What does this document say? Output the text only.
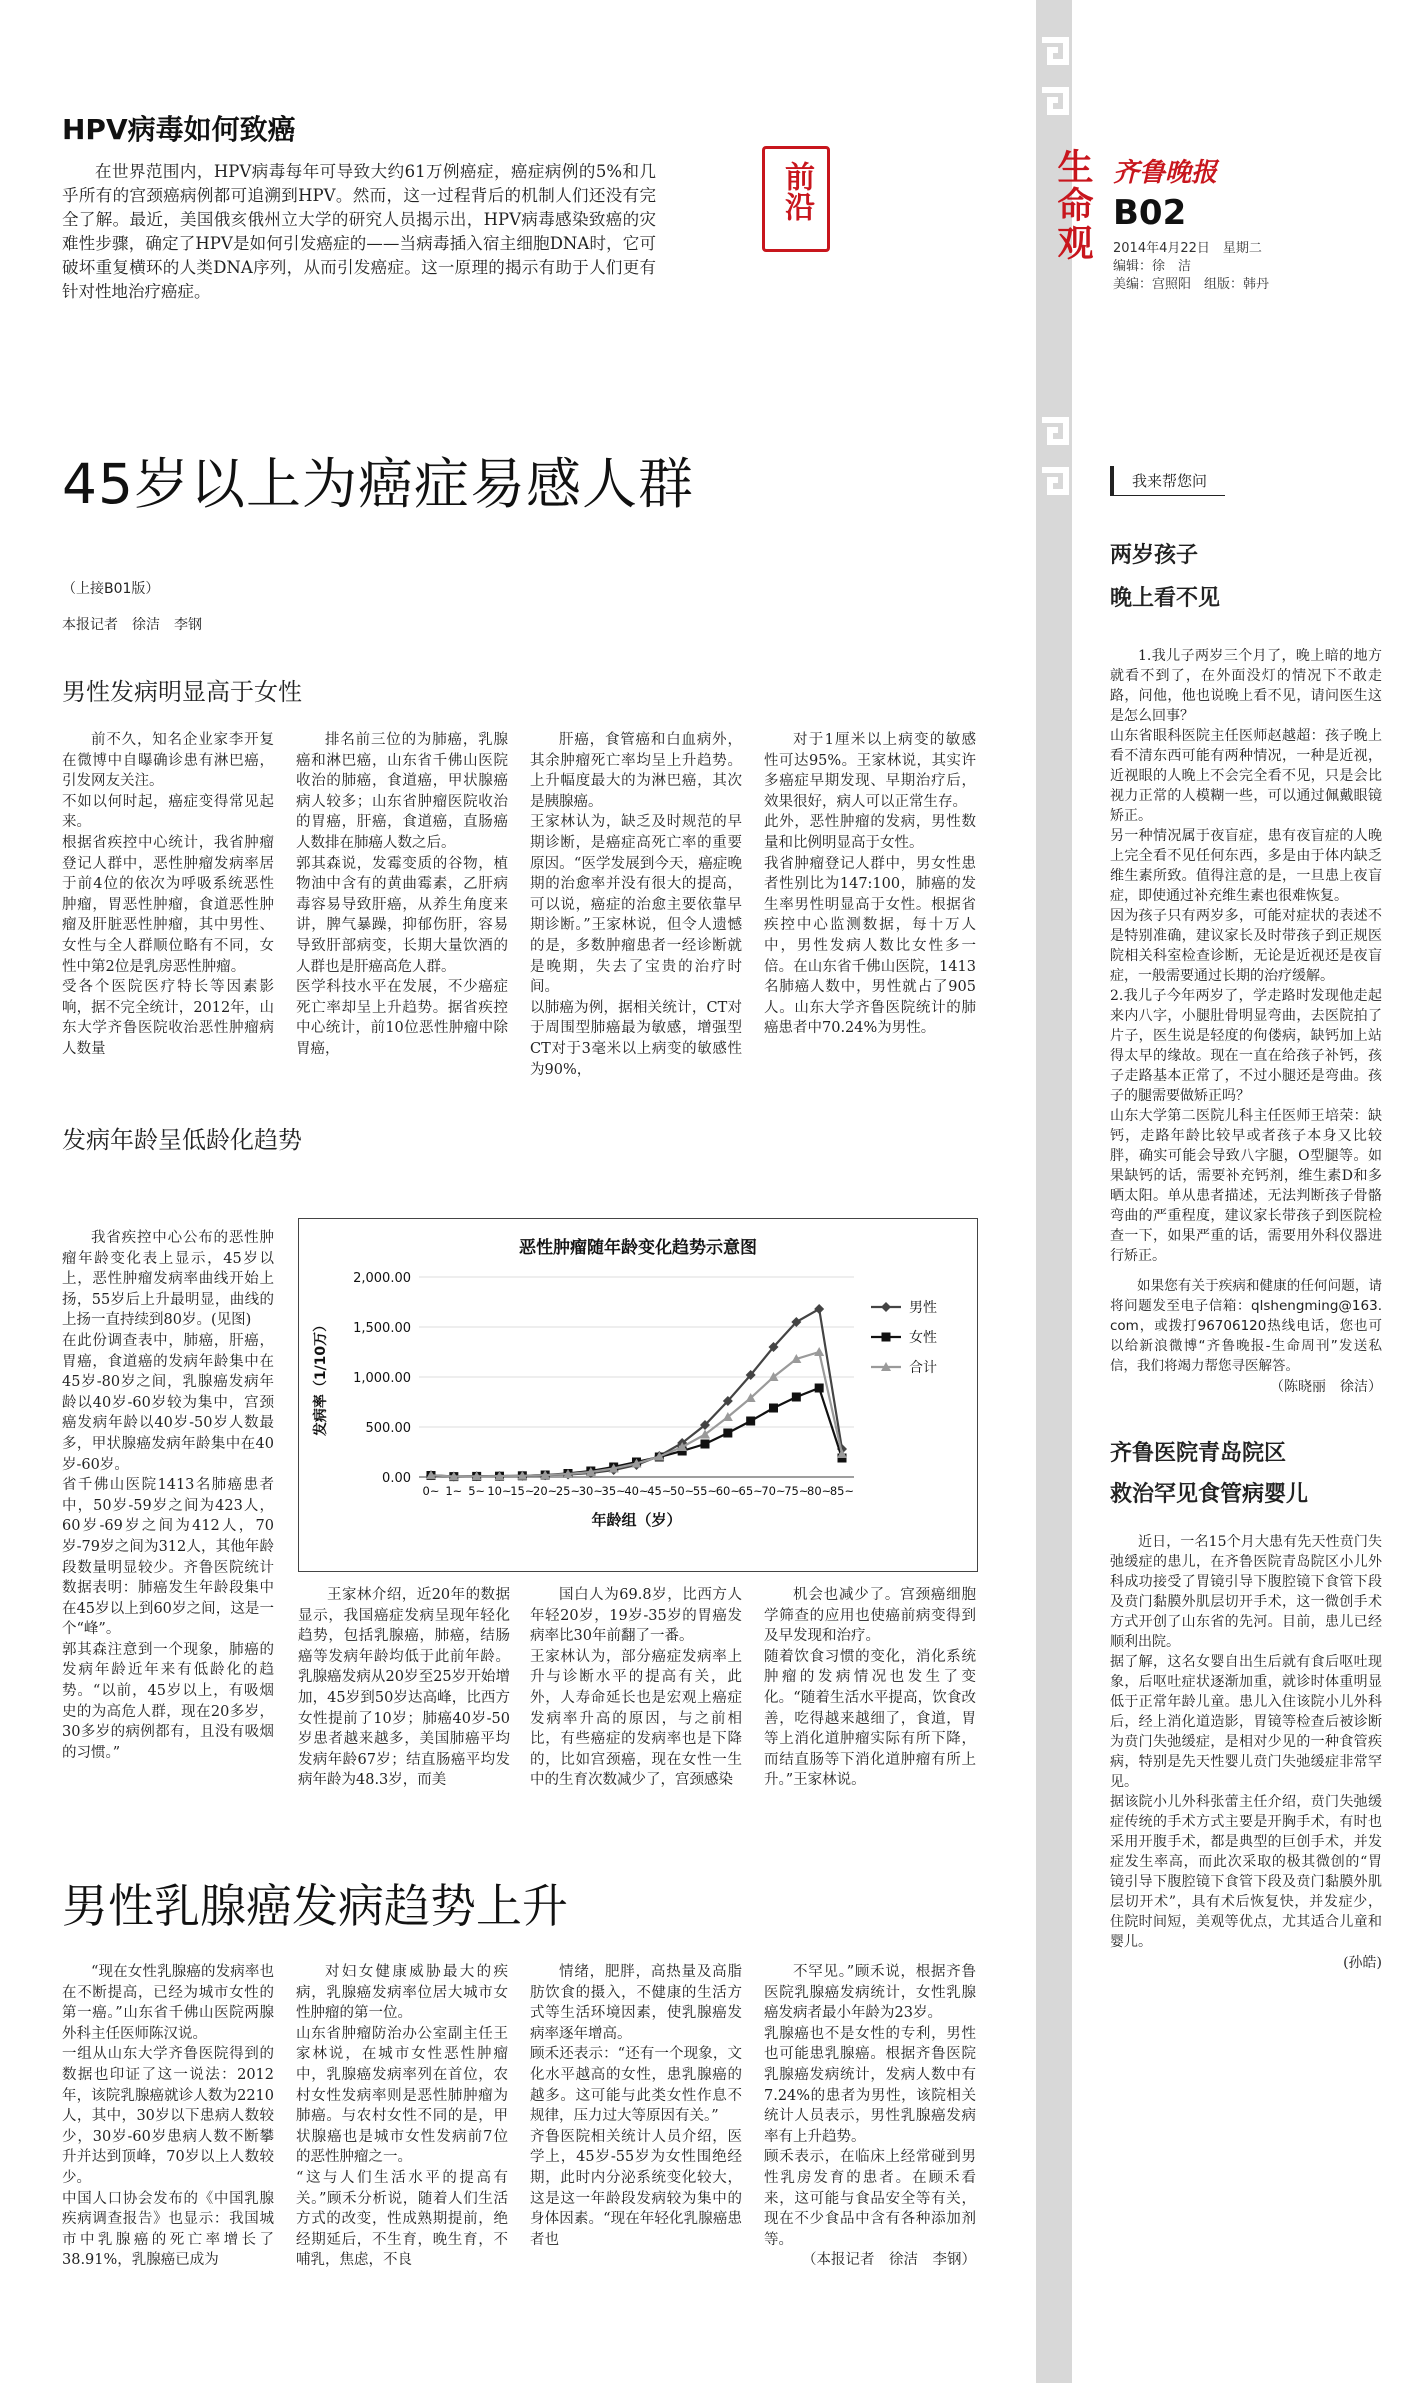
生命观 齐鲁晚报
B02
2014年4月22日　星期二
编辑：徐　洁
美编：宫照阳　组版：韩丹
HPV病毒如何致癌

在世界范围内，HPV病毒每年可导致大约61万例癌症，癌症病例的5%和几乎所有的宫颈癌病例都可追溯到HPV。然而，这一过程背后的机制人们还没有完全了解。最近，美国俄亥俄州立大学的研究人员揭示出，HPV病毒感染致癌的灾难性步骤，确定了HPV是如何引发癌症的——当病毒插入宿主细胞DNA时，它可破坏重复横环的人类DNA序列，从而引发癌症。这一原理的揭示有助于人们更有针对性地治疗癌症。

前沿
45岁以上为癌症易感人群
（上接B01版）
本报记者　徐洁　李钢
男性发病明显高于女性

前不久，知名企业家李开复在微博中自曝确诊患有淋巴癌，引发网友关注。
不如以何时起，癌症变得常见起来。
根据省疾控中心统计，我省肿瘤登记人群中，恶性肿瘤发病率居于前4位的依次为呼吸系统恶性肿瘤，胃恶性肿瘤，食道恶性肿瘤及肝脏恶性肿瘤，其中男性、女性与全人群顺位略有不同，女性中第2位是乳房恶性肿瘤。
受各个医院医疗特长等因素影响，据不完全统计，2012年，山东大学齐鲁医院收治恶性肿瘤病人数量

排名前三位的为肺癌，乳腺癌和淋巴癌，山东省千佛山医院收治的肺癌，食道癌，甲状腺癌病人较多；山东省肿瘤医院收治的胃癌，肝癌，食道癌，直肠癌人数排在肺癌人数之后。
郭其森说，发霉变质的谷物，植物油中含有的黄曲霉素，乙肝病毒容易导致肝癌，从养生角度来讲，脾气暴躁，抑郁伤肝，容易导致肝部病变，长期大量饮酒的人群也是肝癌高危人群。
医学科技水平在发展，不少癌症死亡率却呈上升趋势。据省疾控中心统计，前10位恶性肿瘤中除胃癌，

肝癌，食管癌和白血病外，其余肿瘤死亡率均呈上升趋势。上升幅度最大的为淋巴癌，其次是胰腺癌。
王家林认为，缺乏及时规范的早期诊断，是癌症高死亡率的重要原因。“医学发展到今天，癌症晚期的治愈率并没有很大的提高，可以说，癌症的治愈主要依靠早期诊断。”王家林说，但令人遗憾的是，多数肿瘤患者一经诊断就是晚期，失去了宝贵的治疗时间。
以肺癌为例，据相关统计，CT对于周围型肺癌最为敏感，增强型CT对于3毫米以上病变的敏感性为90%，

对于1厘米以上病变的敏感性可达95%。王家林说，其实许多癌症早期发现、早期治疗后，效果很好，病人可以正常生存。
此外，恶性肿瘤的发病，男性数量和比例明显高于女性。
我省肿瘤登记人群中，男女性患者性别比为147:100，肺癌的发生率男性明显高于女性。根据省疾控中心监测数据，每十万人中，男性发病人数比女性多一倍。在山东省千佛山医院，1413名肺癌人数中，男性就占了905人。山东大学齐鲁医院统计的肺癌患者中70.24%为男性。

发病年龄呈低龄化趋势

我省疾控中心公布的恶性肿瘤年龄变化表上显示，45岁以上，恶性肿瘤发病率曲线开始上扬，55岁后上升最明显，曲线的上扬一直持续到80岁。(见图)
在此份调查表中，肺癌，肝癌，胃癌，食道癌的发病年龄集中在45岁-80岁之间，乳腺癌发病年龄以40岁-60岁较为集中，宫颈癌发病年龄以40岁-50岁人数最多，甲状腺癌发病年龄集中在40岁-60岁。
省千佛山医院1413名肺癌患者中，50岁-59岁之间为423人，60岁-69岁之间为412人，70岁-79岁之间为312人，其他年龄段数量明显较少。齐鲁医院统计数据表明：肺癌发生年龄段集中在45岁以上到60岁之间，这是一个“峰”。
郭其森注意到一个现象，肺癌的发病年龄近年来有低龄化的趋势。“以前，45岁以上，有吸烟史的为高危人群，现在20多岁，30多岁的病例都有，且没有吸烟的习惯。”

恶性肿瘤随年龄变化趋势示意图
0.00
500.00
1,000.00
1,500.00
2,000.00
0~ 1~ 5~ 10~
15~
20~
25~
30~
35~
40~
45~
50~
55~
60~
65~
70~
75~
80~
85~
年龄组（岁）
发病率（1/10万）
男性
女性
合计

王家林介绍，近20年的数据显示，我国癌症发病呈现年轻化趋势，包括乳腺癌，肺癌，结肠癌等发病年龄均低于此前年龄。乳腺癌发病从20岁至25岁开始增加，45岁到50岁达高峰，比西方女性提前了10岁；肺癌40岁-50岁患者越来越多，美国肺癌平均发病年龄67岁；结直肠癌平均发病年龄为48.3岁，而美

国白人为69.8岁，比西方人年轻20岁，19岁-35岁的胃癌发病率比30年前翻了一番。
王家林认为，部分癌症发病率上升与诊断水平的提高有关，此外，人寿命延长也是宏观上癌症发病率升高的原因，与之前相比，有些癌症的发病率也是下降的，比如宫颈癌，现在女性一生中的生育次数减少了，宫颈感染

机会也减少了。宫颈癌细胞学筛查的应用也使癌前病变得到及早发现和治疗。
随着饮食习惯的变化，消化系统肿瘤的发病情况也发生了变化。“随着生活水平提高，饮食改善，吃得越来越细了，食道，胃等上消化道肿瘤实际有所下降，而结直肠等下消化道肿瘤有所上升。”王家林说。

男性乳腺癌发病趋势上升

“现在女性乳腺癌的发病率也在不断提高，已经为城市女性的第一癌。”山东省千佛山医院两腺外科主任医师陈汉说。
一组从山东大学齐鲁医院得到的数据也印证了这一说法：2012年，该院乳腺癌就诊人数为2210人，其中，30岁以下患病人数较少，30岁-60岁患病人数不断攀升并达到顶峰，70岁以上人数较少。
中国人口协会发布的《中国乳腺疾病调查报告》也显示：我国城市中乳腺癌的死亡率增长了38.91%，乳腺癌已成为

对妇女健康威胁最大的疾病，乳腺癌发病率位居大城市女性肿瘤的第一位。
山东省肿瘤防治办公室副主任王家林说，在城市女性恶性肿瘤中，乳腺癌发病率列在首位，农村女性发病率则是恶性肺肿瘤为肺癌。与农村女性不同的是，甲状腺癌也是城市女性发病前7位的恶性肿瘤之一。
“这与人们生活水平的提高有关。”顾禾分析说，随着人们生活方式的改变，性成熟期提前，绝经期延后，不生育，晚生育，不哺乳，焦虑，不良

情绪，肥胖，高热量及高脂肪饮食的摄入，不健康的生活方式等生活环境因素，使乳腺癌发病率逐年增高。
顾禾还表示：“还有一个现象，文化水平越高的女性，患乳腺癌的越多。这可能与此类女性作息不规律，压力过大等原因有关。”
齐鲁医院相关统计人员介绍，医学上，45岁-55岁为女性围绝经期，此时内分泌系统变化较大，这是这一年龄段发病较为集中的身体因素。“现在年轻化乳腺癌患者也

不罕见。”顾禾说，根据齐鲁医院乳腺癌发病统计，女性乳腺癌发病者最小年龄为23岁。
乳腺癌也不是女性的专利，男性也可能患乳腺癌。根据齐鲁医院乳腺癌发病统计，发病人数中有7.24%的患者为男性，该院相关统计人员表示，男性乳腺癌发病率有上升趋势。
顾禾表示，在临床上经常碰到男性乳房发育的患者。在顾禾看来，这可能与食品安全等有关，现在不少食品中含有各种添加剂等。

（本报记者　徐洁　李钢）

我来帮您问
两岁孩子
晚上看不见

1.我儿子两岁三个月了，晚上暗的地方就看不到了，在外面没灯的情况下不敢走路，问他，他也说晚上看不见，请问医生这是怎么回事？
山东省眼科医院主任医师赵越超：孩子晚上看不清东西可能有两种情况，一种是近视，近视眼的人晚上不会完全看不见，只是会比视力正常的人模糊一些，可以通过佩戴眼镜矫正。
另一种情况属于夜盲症，患有夜盲症的人晚上完全看不见任何东西，多是由于体内缺乏维生素所致。值得注意的是，一旦患上夜盲症，即使通过补充维生素也很难恢复。
因为孩子只有两岁多，可能对症状的表述不是特别准确，建议家长及时带孩子到正规医院相关科室检查诊断，无论是近视还是夜盲症，一般需要通过长期的治疗缓解。
2.我儿子今年两岁了，学走路时发现他走起来内八字，小腿肚骨明显弯曲，去医院拍了片子，医生说是轻度的佝偻病，缺钙加上站得太早的缘故。现在一直在给孩子补钙，孩子走路基本正常了，不过小腿还是弯曲。孩子的腿需要做矫正吗？
山东大学第二医院儿科主任医师王培荣：缺钙，走路年龄比较早或者孩子本身又比较胖，确实可能会导致八字腿，O型腿等。如果缺钙的话，需要补充钙剂，维生素D和多晒太阳。单从患者描述，无法判断孩子骨骼弯曲的严重程度，建议家长带孩子到医院检查一下，如果严重的话，需要用外科仪器进行矫正。

如果您有关于疾病和健康的任何问题，请将问题发至电子信箱：qlshengming@163.com，或拨打96706120热线电话，您也可以给新浪微博“齐鲁晚报-生命周刊”发送私信，我们将竭力帮您寻医解答。

（陈晓丽　徐洁）
齐鲁医院青岛院区
救治罕见食管病婴儿

近日，一名15个月大患有先天性贲门失弛缓症的患儿，在齐鲁医院青岛院区小儿外科成功接受了胃镜引导下腹腔镜下食管下段及贲门黏膜外肌层切开手术，这一微创手术方式开创了山东省的先河。目前，患儿已经顺利出院。
据了解，这名女婴自出生后就有食后呕吐现象，后呕吐症状逐渐加重，就诊时体重明显低于正常年龄儿童。患儿入住该院小儿外科后，经上消化道造影，胃镜等检查后被诊断为贲门失弛缓症，是相对少见的一种食管疾病，特别是先天性婴儿贲门失弛缓症非常罕见。
据该院小儿外科张蕾主任介绍，贲门失弛缓症传统的手术方式主要是开胸手术，有时也采用开腹手术，都是典型的巨创手术，并发症发生率高，而此次采取的极其微创的“胃镜引导下腹腔镜下食管下段及贲门黏膜外肌层切开术”，具有术后恢复快，并发症少，住院时间短，美观等优点，尤其适合儿童和婴儿。

(孙皓)
